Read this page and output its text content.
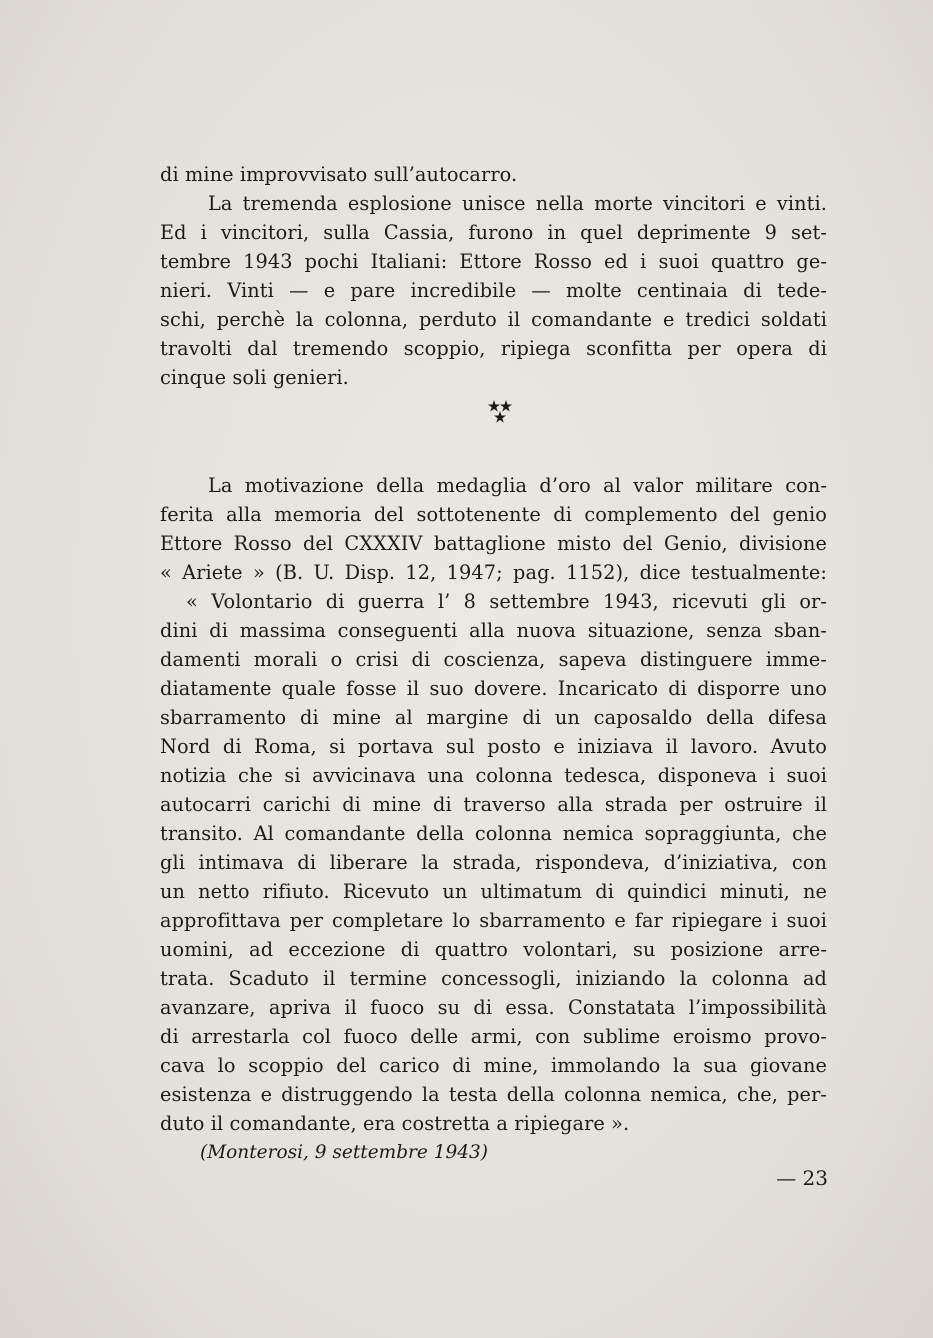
di mine improvvisato sull’autocarro.
La tremenda esplosione unisce nella morte vincitori e vinti.
Ed i vincitori, sulla Cassia, furono in quel deprimente 9 set-
tembre 1943 pochi Italiani: Ettore Rosso ed i suoi quattro ge-
nieri. Vinti — e pare incredibile — molte centinaia di tede-
schi, perchè la colonna, perduto il comandante e tredici soldati
travolti dal tremendo scoppio, ripiega sconfitta per opera di
cinque soli genieri.
La motivazione della medaglia d’oro al valor militare con-
ferita alla memoria del sottotenente di complemento del genio
Ettore Rosso del CXXXIV battaglione misto del Genio, divisione
« Ariete » (B. U. Disp. 12, 1947; pag. 1152), dice testualmente:
« Volontario di guerra l’ 8 settembre 1943, ricevuti gli or-
dini di massima conseguenti alla nuova situazione, senza sban-
damenti morali o crisi di coscienza, sapeva distinguere imme-
diatamente quale fosse il suo dovere. Incaricato di disporre uno
sbarramento di mine al margine di un caposaldo della difesa
Nord di Roma, si portava sul posto e iniziava il lavoro. Avuto
notizia che si avvicinava una colonna tedesca, disponeva i suoi
autocarri carichi di mine di traverso alla strada per ostruire il
transito. Al comandante della colonna nemica sopraggiunta, che
gli intimava di liberare la strada, rispondeva, d’iniziativa, con
un netto rifiuto. Ricevuto un ultimatum di quindici minuti, ne
approfittava per completare lo sbarramento e far ripiegare i suoi
uomini, ad eccezione di quattro volontari, su posizione arre-
trata. Scaduto il termine concessogli, iniziando la colonna ad
avanzare, apriva il fuoco su di essa. Constatata l’impossibilità
di arrestarla col fuoco delle armi, con sublime eroismo provo-
cava lo scoppio del carico di mine, immolando la sua giovane
esistenza e distruggendo la testa della colonna nemica, che, per-
duto il comandante, era costretta a ripiegare ».
(Monterosi, 9 settembre 1943)
— 23
